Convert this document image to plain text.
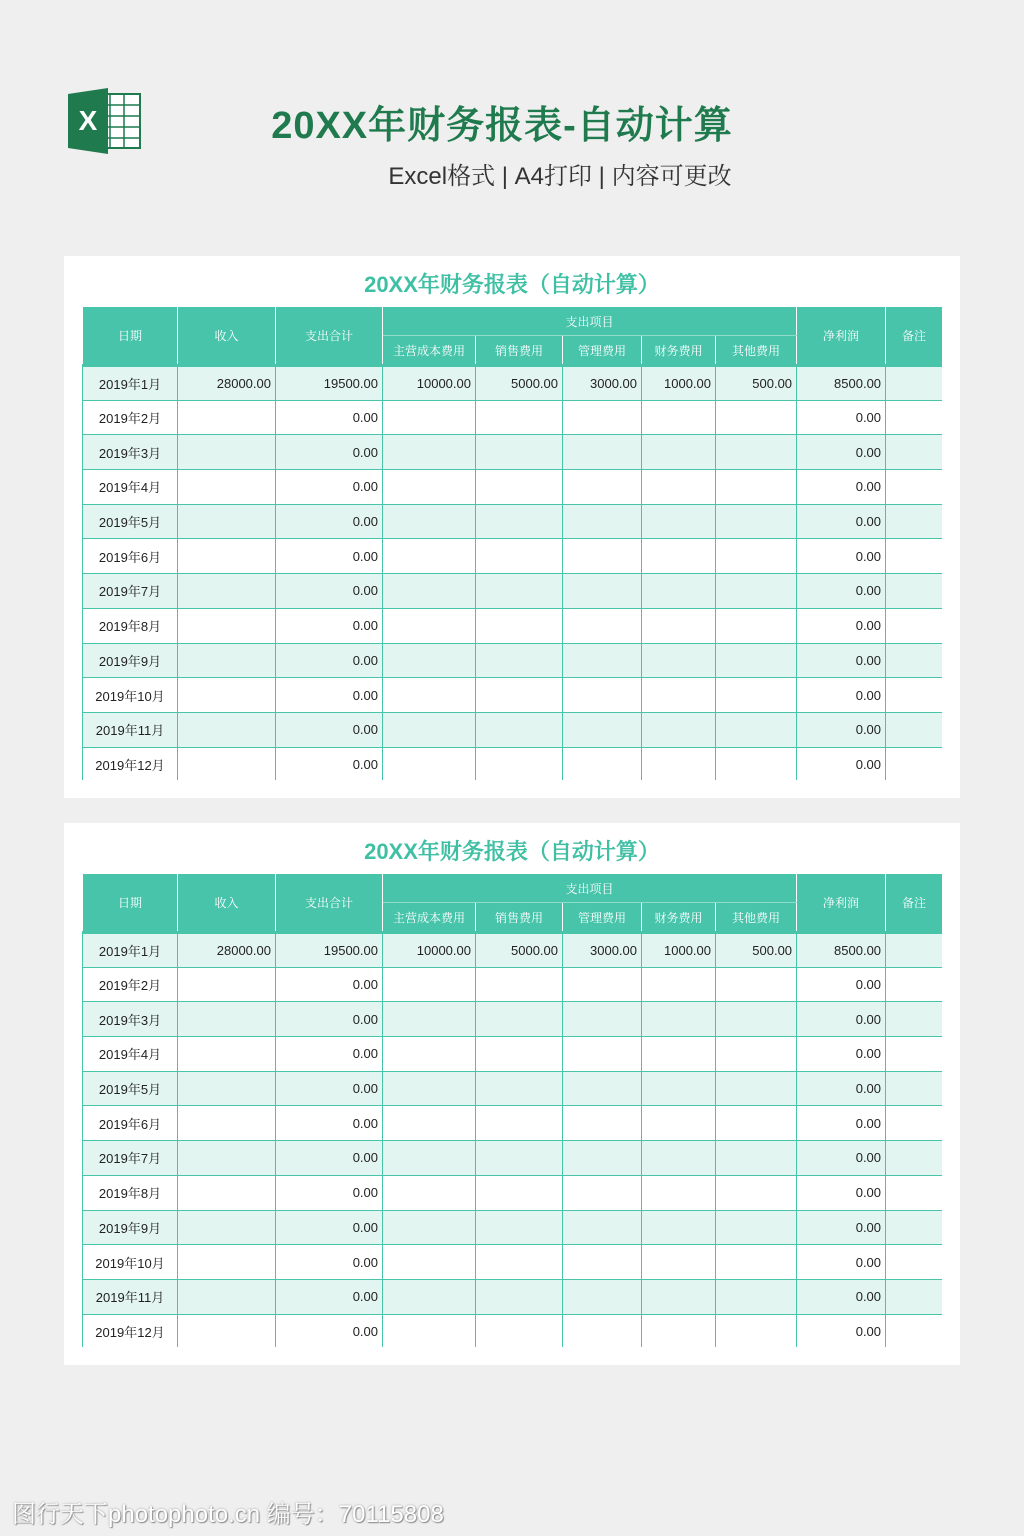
X	20XX年财务报表-自动计算
Excel格式 | A4打印 | 内容可更改
20XX年财务报表（自动计算）
日期	收入	支出合计	支出项目					净利润	备注
			主营成本费用	销售费用	管理费用	财务费用	其他费用		
2019年1月	28000.00	19500.00	10000.00	5000.00	3000.00	1000.00	500.00	8500.00	
2019年2月		0.00						0.00	
2019年3月		0.00						0.00	
2019年4月		0.00						0.00	
2019年5月		0.00						0.00	
2019年6月		0.00						0.00	
2019年7月		0.00						0.00	
2019年8月		0.00						0.00	
2019年9月		0.00						0.00	
2019年10月		0.00						0.00	
2019年11月		0.00						0.00	
2019年12月		0.00						0.00	
20XX年财务报表（自动计算）
日期	收入	支出合计	支出项目					净利润	备注
			主营成本费用	销售费用	管理费用	财务费用	其他费用		
2019年1月	28000.00	19500.00	10000.00	5000.00	3000.00	1000.00	500.00	8500.00	
2019年2月		0.00						0.00	
2019年3月		0.00						0.00	
2019年4月		0.00						0.00	
2019年5月		0.00						0.00	
2019年6月		0.00						0.00	
2019年7月		0.00						0.00	
2019年8月		0.00						0.00	
2019年9月		0.00						0.00	
2019年10月		0.00						0.00	
2019年11月		0.00						0.00	
2019年12月		0.00						0.00	
图行天下photophoto.cn 编号：70115808
